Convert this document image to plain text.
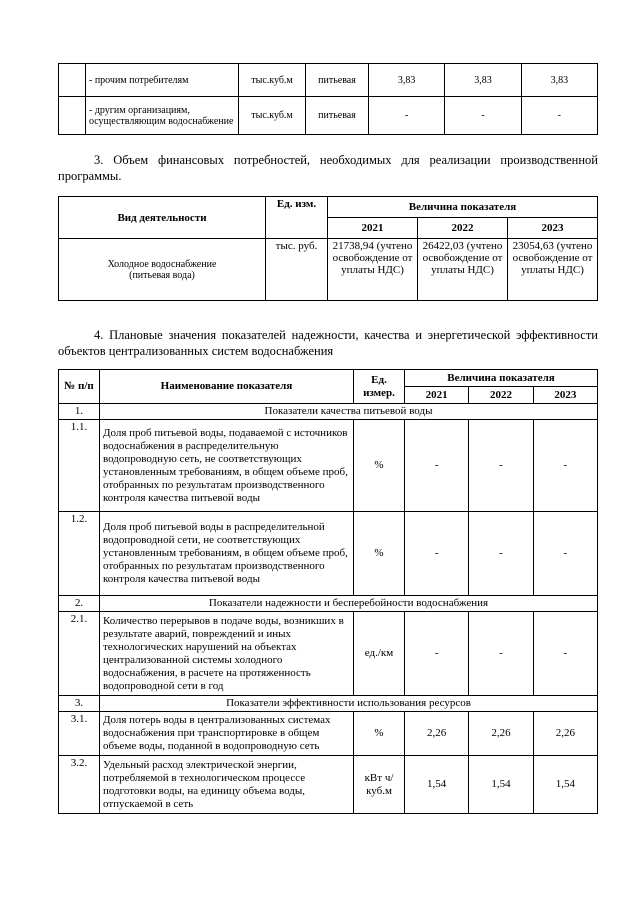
	- прочим потребителям	тыс.куб.м	питьевая	3,83	3,83	3,83
	- другим организациям, осуществляющим водоснабжение	тыс.куб.м	питьевая	-	-	-
3. Объем финансовых потребностей, необходимых для реализации производственной программы.
Вид деятельности	Ед. изм.	Величина показателя		
		2021	2022	2023
Холодное водоснабжение (питьевая вода)	тыс. руб.	21738,94 (учтено освобождение от уплаты НДС)	26422,03 (учтено освобождение от уплаты НДС)	23054,63 (учтено освобождение от уплаты НДС)
4. Плановые значения показателей надежности, качества и энергетической эффективности объектов централизованных систем водоснабжения
№ п/п	Наименование показателя	Ед. измер.	Величина показателя		
			2021	2022	2023
1.	Показатели качества питьевой воды				
1.1.	Доля проб питьевой воды, подаваемой с источников водоснабжения в распределительную водопроводную сеть, не соответствующих установленным требованиям, в общем объеме проб, отобранных по результатам производственного контроля качества питьевой воды	%	-	-	-
1.2.	Доля проб питьевой воды в распределительной водопроводной сети, не соответствующих установленным требованиям, в общем объеме проб, отобранных по результатам производственного контроля качества питьевой воды	%	-	-	-
2.	Показатели надежности и бесперебойности водоснабжения				
2.1.	Количество перерывов в подаче воды, возникших в результате аварий, повреждений и иных технологических нарушений на объектах централизованной системы холодного водоснабжения, в расчете на протяженность водопроводной сети в год	ед./км	-	-	-
3.	Показатели эффективности использования ресурсов				
3.1.	Доля потерь воды в централизованных системах водоснабжения при транспортировке в общем объеме воды, поданной в водопроводную сеть	%	2,26	2,26	2,26
3.2.	Удельный расход электрической энергии, потребляемой в технологическом процессе подготовки воды, на единицу объема воды, отпускаемой в сеть	кВт ч/куб.м	1,54	1,54	1,54
